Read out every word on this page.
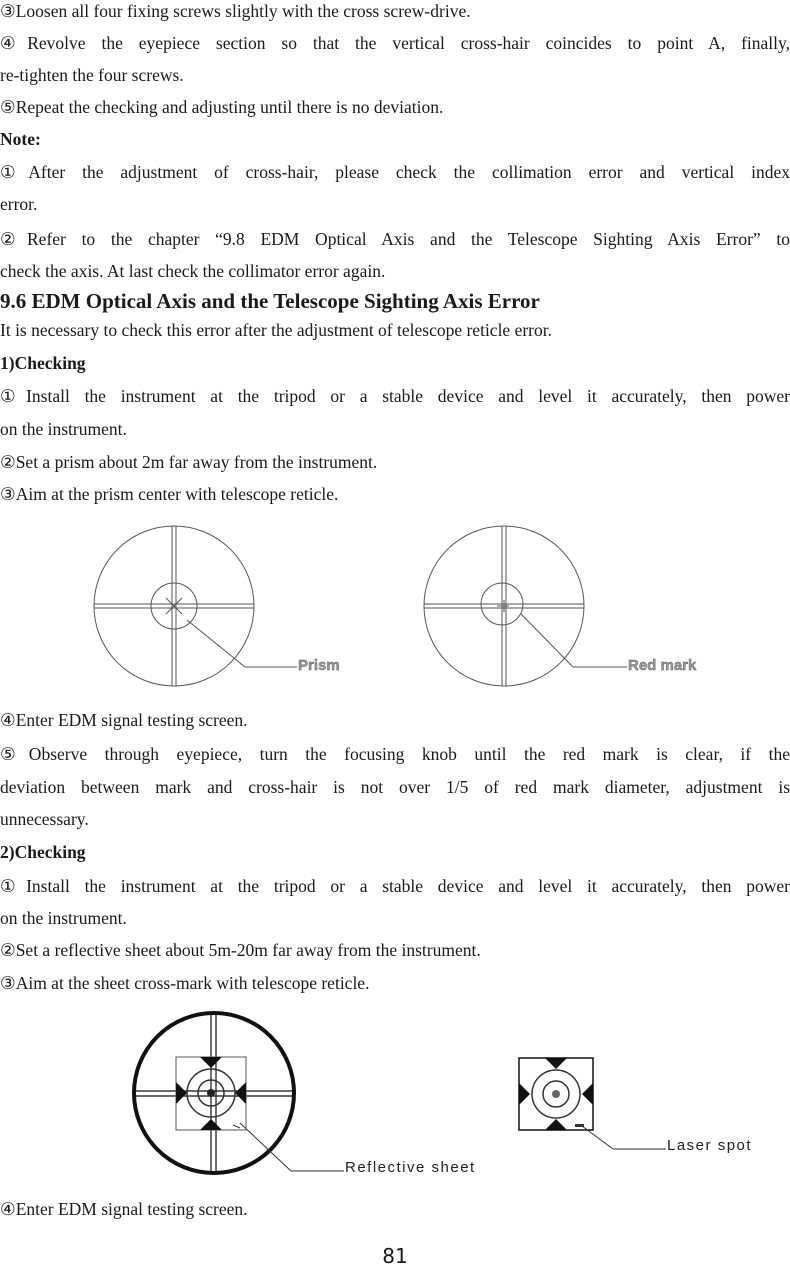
③Loosen all four fixing screws slightly with the cross screw-drive.

④Revolve the eyepiece section so that the vertical cross-hair coincides to point A, finally,

re-tighten the four screws.

⑤Repeat the checking and adjusting until there is no deviation.

Note:

①After the adjustment of cross-hair, please check the collimation error and vertical index

error.

②Refer to the chapter “9.8 EDM Optical Axis and the Telescope Sighting Axis Error” to

check the axis. At last check the collimator error again.

9.6 EDM Optical Axis and the Telescope Sighting Axis Error

It is necessary to check this error after the adjustment of telescope reticle error.

1)Checking

①Install the instrument at the tripod or a stable device and level it accurately, then power

on the instrument.

②Set a prism about 2m far away from the instrument.

③Aim at the prism center with telescope reticle.

Prism	Red mark

④Enter EDM signal testing screen.

⑤Observe through eyepiece, turn the focusing knob until the red mark is clear, if the

deviation between mark and cross-hair is not over 1/5 of red mark diameter, adjustment is

unnecessary.

2)Checking

①Install the instrument at the tripod or a stable device and level it accurately, then power

on the instrument.

②Set a reflective sheet about 5m-20m far away from the instrument.

③Aim at the sheet cross-mark with telescope reticle.

Reflective sheet
Laser spot

④Enter EDM signal testing screen.

81
